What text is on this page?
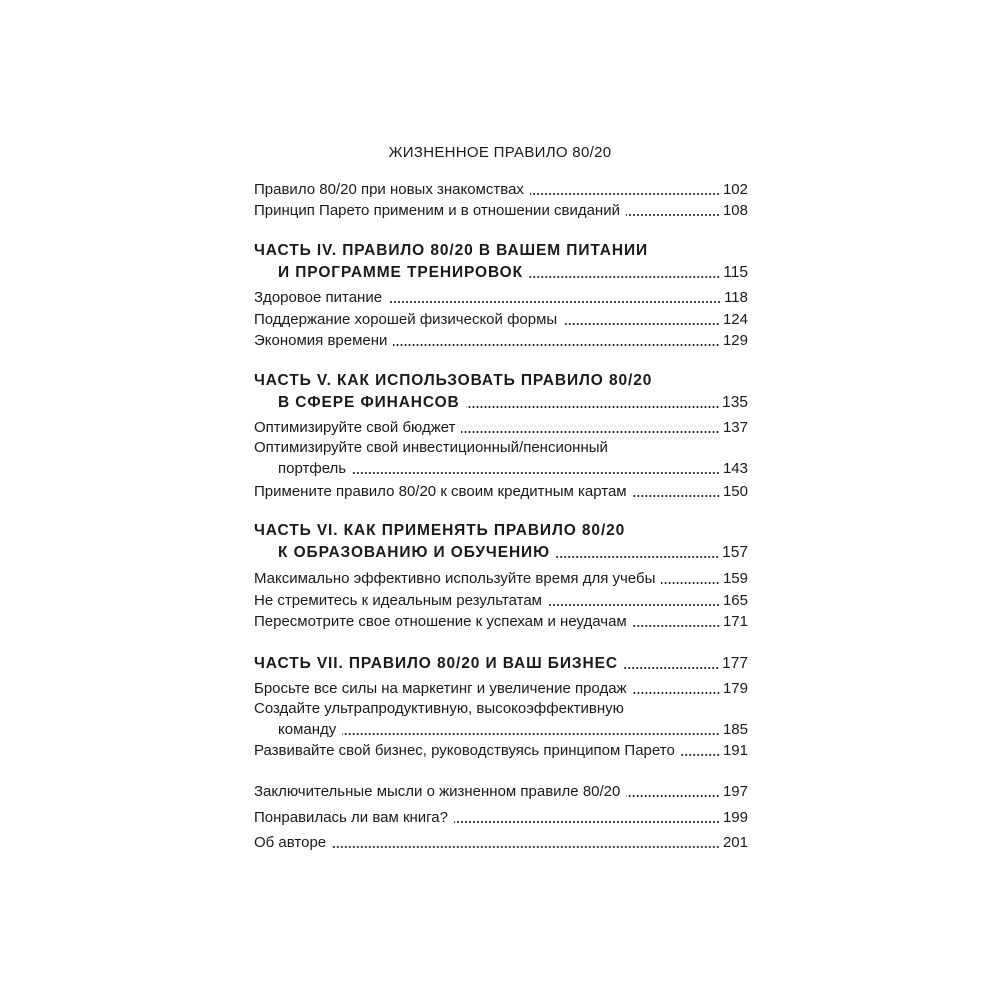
ЖИЗНЕННОЕ ПРАВИЛО 80/20
Правило 80/20 при новых знакомствах	102
Принцип Парето применим и в отношении свиданий	108
ЧАСТЬ IV. ПРАВИЛО 80/20 В ВАШЕМ ПИТАНИИ
И ПРОГРАММЕ ТРЕНИРОВОК	115
Здоровое питание	118
Поддержание хорошей физической формы	124
Экономия времени	129
ЧАСТЬ V. КАК ИСПОЛЬЗОВАТЬ ПРАВИЛО 80/20
В СФЕРЕ ФИНАНСОВ	135
Оптимизируйте свой бюджет	137
Оптимизируйте свой инвестиционный/пенсионный
портфель	143
Примените правило 80/20 к своим кредитным картам	150
ЧАСТЬ VI. КАК ПРИМЕНЯТЬ ПРАВИЛО 80/20
К ОБРАЗОВАНИЮ И ОБУЧЕНИЮ	157
Максимально эффективно используйте время для учебы	159
Не стремитесь к идеальным результатам	165
Пересмотрите свое отношение к успехам и неудачам	171
ЧАСТЬ VII. ПРАВИЛО 80/20 И ВАШ БИЗНЕС	177
Бросьте все силы на маркетинг и увеличение продаж	179
Создайте ультрапродуктивную, высокоэффективную
команду	185
Развивайте свой бизнес, руководствуясь принципом Парето	191
Заключительные мысли о жизненном правиле 80/20	197
Понравилась ли вам книга?	199
Об авторе	201
